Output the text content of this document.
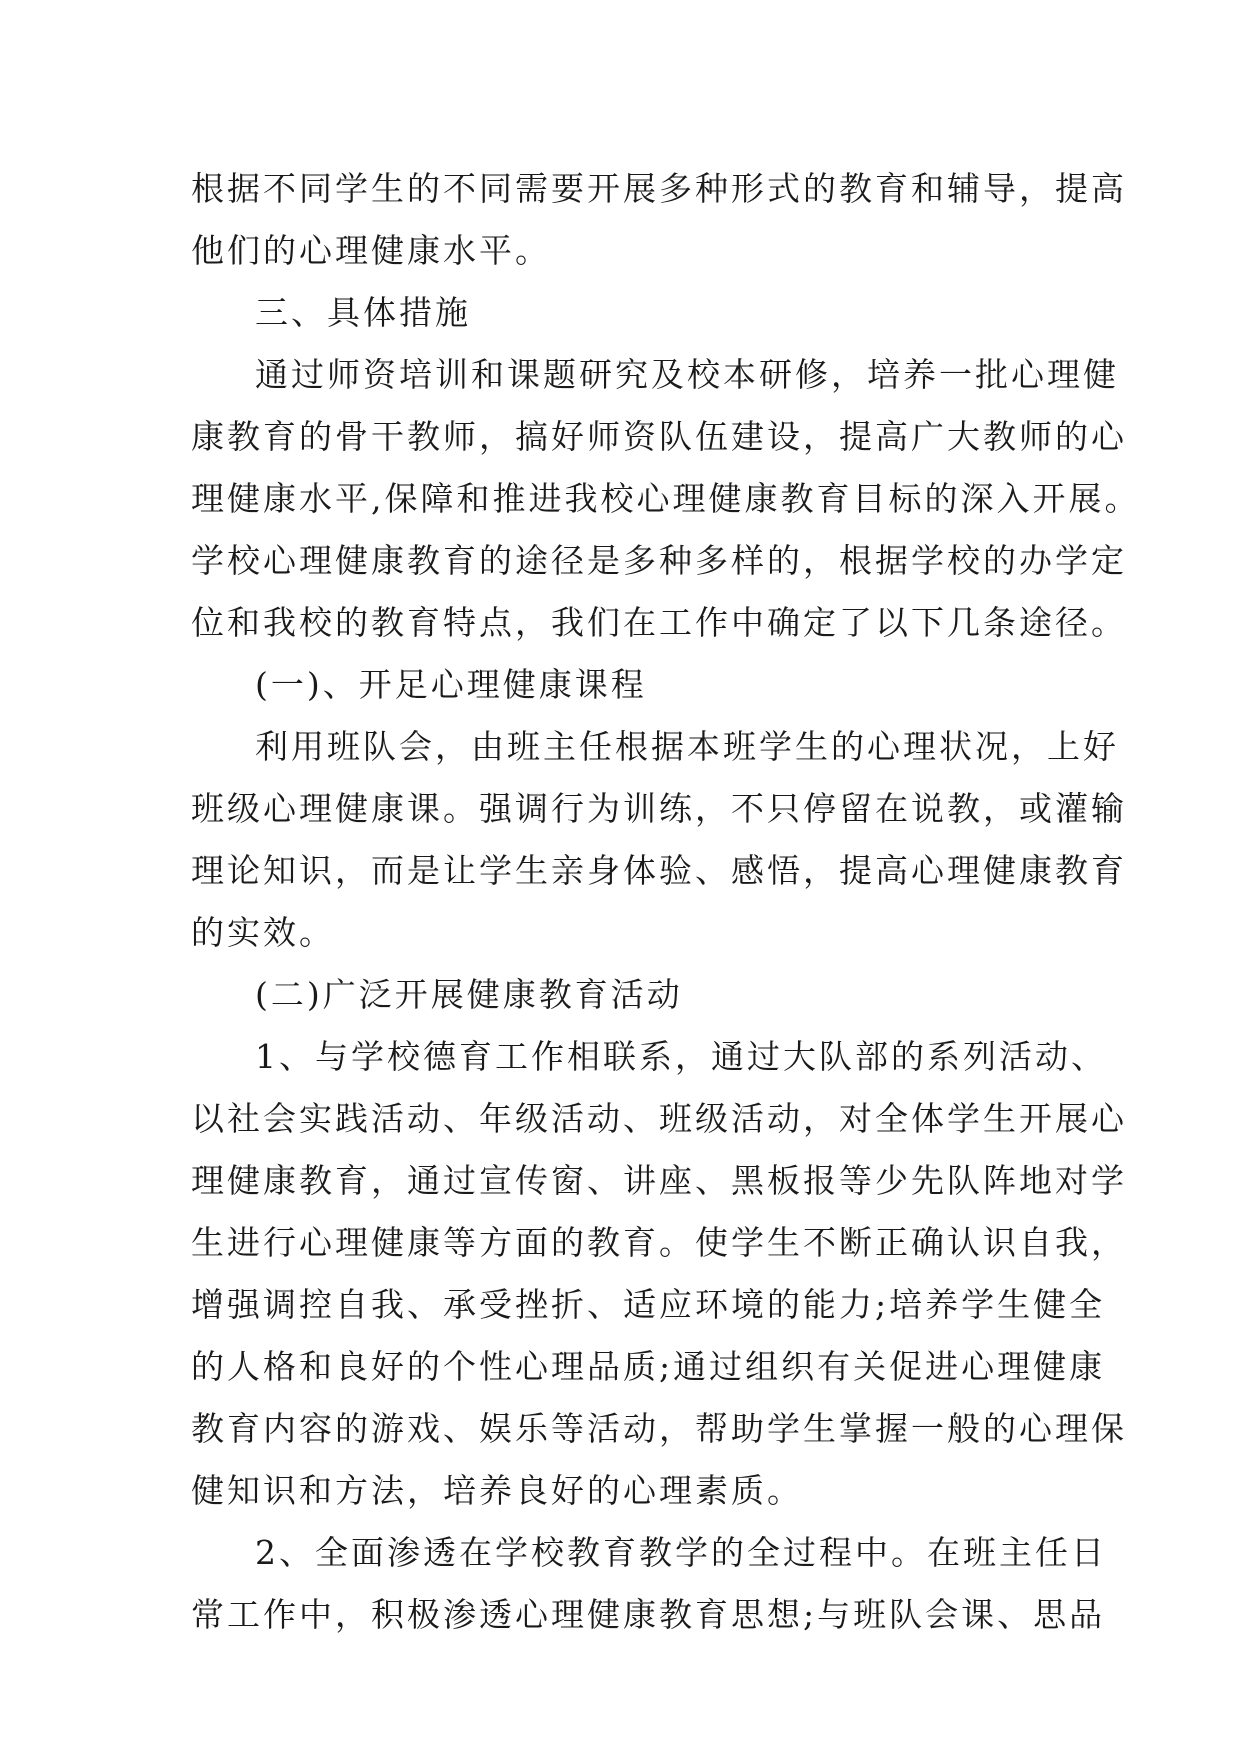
根据不同学生的不同需要开展多种形式的教育和辅导，提高
他们的心理健康水平。
三、具体措施
通过师资培训和课题研究及校本研修，培养一批心理健
康教育的骨干教师，搞好师资队伍建设，提高广大教师的心
理健康水平,保障和推进我校心理健康教育目标的深入开展。
学校心理健康教育的途径是多种多样的，根据学校的办学定
位和我校的教育特点，我们在工作中确定了以下几条途径。
(一)、开足心理健康课程
利用班队会，由班主任根据本班学生的心理状况，上好
班级心理健康课。强调行为训练，不只停留在说教，或灌输
理论知识，而是让学生亲身体验、感悟，提高心理健康教育
的实效。
(二)广泛开展健康教育活动
1、与学校德育工作相联系，通过大队部的系列活动、
以社会实践活动、年级活动、班级活动，对全体学生开展心
理健康教育，通过宣传窗、讲座、黑板报等少先队阵地对学
生进行心理健康等方面的教育。使学生不断正确认识自我，
增强调控自我、承受挫折、适应环境的能力;培养学生健全
的人格和良好的个性心理品质;通过组织有关促进心理健康
教育内容的游戏、娱乐等活动，帮助学生掌握一般的心理保
健知识和方法，培养良好的心理素质。
2、全面渗透在学校教育教学的全过程中。在班主任日
常工作中，积极渗透心理健康教育思想;与班队会课、思品
